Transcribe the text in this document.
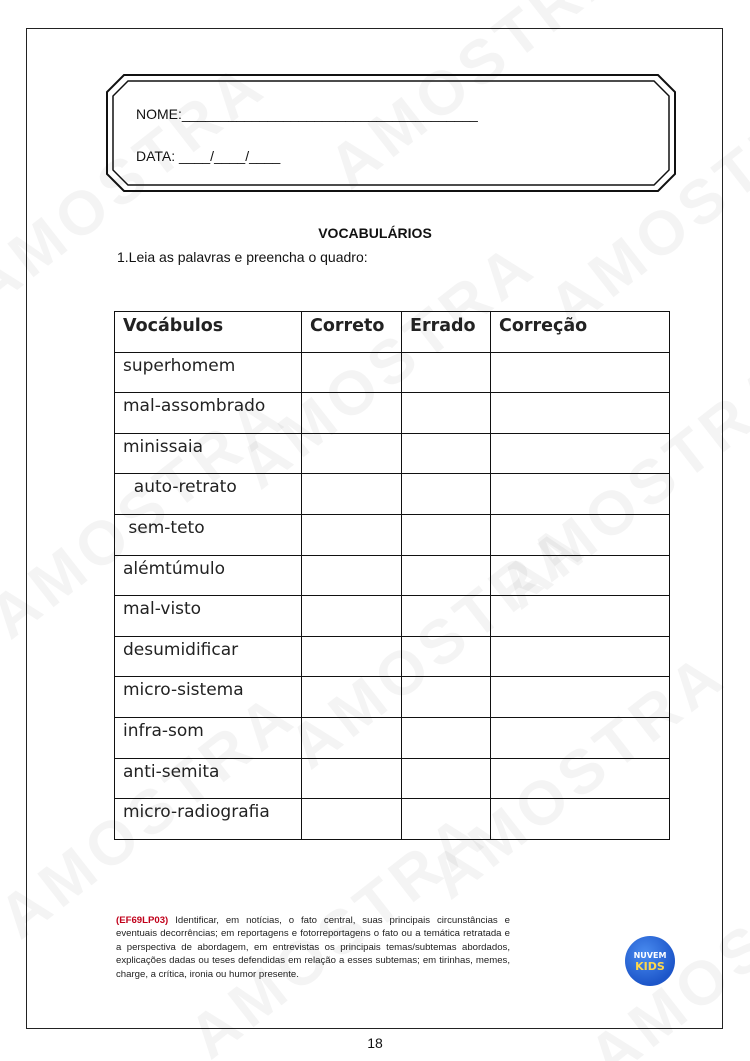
NOME:______________________________________
DATA: ____/____/____
VOCABULÁRIOS
1.Leia as palavras e preencha o quadro:
Vocábulos	Correto	Errado	Correção
superhomem			
mal-assombrado			
minissaia			
auto-retrato			
sem-teto			
alémtúmulo			
mal-visto			
desumidificar			
micro-sistema			
infra-som			
anti-semita			
micro-radiografia			
(EF69LP03) Identificar, em notícias, o fato central, suas principais circunstâncias e eventuais decorrências; em reportagens e fotorreportagens o fato ou a temática retratada e a perspectiva de abordagem, em entrevistas os principais temas/subtemas abordados, explicações dadas ou teses defendidas em relação a esses subtemas; em tirinhas, memes, charge, a crítica, ironia ou humor presente.
NUVEM
KIDS
18
